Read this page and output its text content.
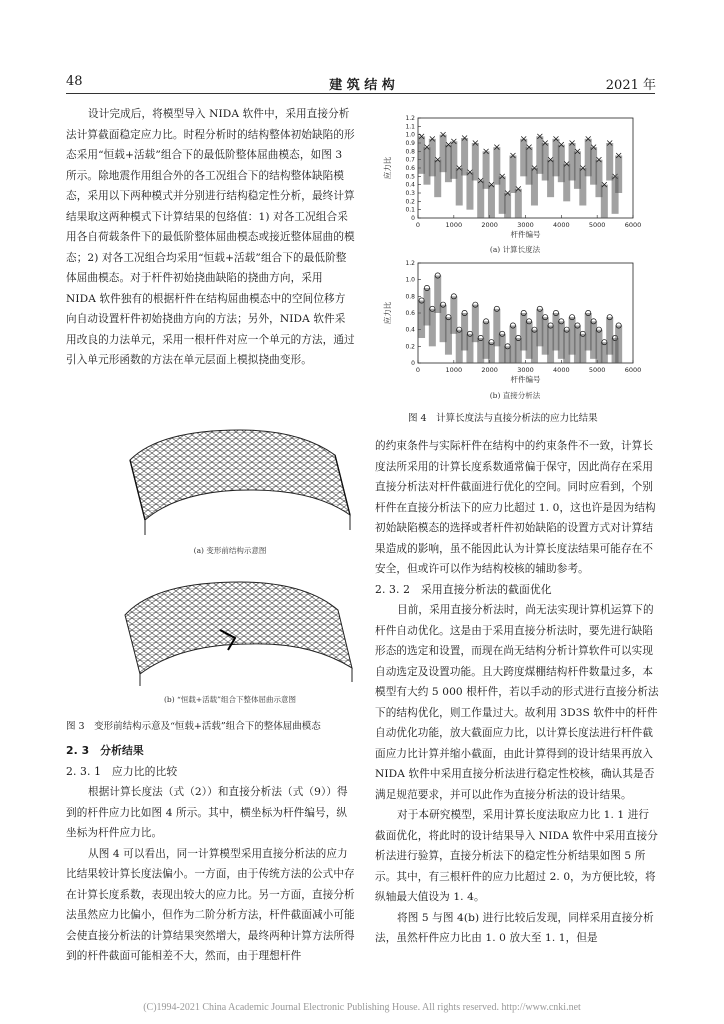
48	建 筑 结 构	2021 年

设计完成后，将模型导入 NIDA 软件中，采用直接分析法计算截面稳定应力比。时程分析时的结构整体初始缺陷的形态采用“恒载+活载”组合下的最低阶整体屈曲模态，如图 3 所示。除地震作用组合外的各工况组合下的结构整体缺陷模态，采用以下两种模式并分别进行结构稳定性分析，最终计算结果取这两种模式下计算结果的包络值：1) 对各工况组合采用各自荷载条件下的最低阶整体屈曲模态或接近整体屈曲的模态；2) 对各工况组合均采用“恒载+活载”组合下的最低阶整体屈曲模态。对于杆件初始挠曲缺陷的挠曲方向，采用 NIDA 软件独有的根据杆件在结构屈曲模态中的空间位移方向自动设置杆件初始挠曲方向的方法；另外，NIDA 软件采用改良的力法单元，采用一根杆件对应一个单元的方法，通过引入单元形函数的方法在单元层面上模拟挠曲变形。

(a) 变形前结构示意图
(b) “恒载+活载”组合下整体屈曲示意图
图 3　变形前结构示意及“恒载+活载”组合下的整体屈曲模态
2. 3　分析结果
2. 3. 1　应力比的比较

根据计算长度法（式（2））和直接分析法（式（9））得到的杆件应力比如图 4 所示。其中，横坐标为杆件编号，纵坐标为杆件应力比。

从图 4 可以看出，同一计算模型采用直接分析法的应力比结果较计算长度法偏小。一方面，由于传统方法的公式中存在计算长度系数，表现出较大的应力比。另一方面，直接分析法虽然应力比偏小，但作为二阶分析方法，杆件截面减小可能会使直接分析法的计算结果突然增大，最终两种计算方法所得到的杆件截面可能相差不大，然而，由于理想杆件

0	1000	2000	3000	4000	5000	6000
0
0.1
0.2
0.3
0.4
0.5
0.6
0.7
0.8
0.9
1.0
1.1
1.2
杆件编号
应力比
(a) 计算长度法
0	1000	2000	3000	4000	5000	6000
0
0.2
0.4
0.6
0.8
1.0
1.2
杆件编号
应力比
(b) 直接分析法
图 4　计算长度法与直接分析法的应力比结果

的约束条件与实际杆件在结构中的约束条件不一致，计算长度法所采用的计算长度系数通常偏于保守，因此尚存在采用直接分析法对杆件截面进行优化的空间。同时应看到，个别杆件在直接分析法下的应力比超过 1. 0，这也许是因为结构初始缺陷模态的选择或者杆件初始缺陷的设置方式对计算结果造成的影响，虽不能因此认为计算长度法结果可能存在不安全，但或许可以作为结构校核的辅助参考。

2. 3. 2　采用直接分析法的截面优化

目前，采用直接分析法时，尚无法实现计算机运算下的杆件自动优化。这是由于采用直接分析法时，要先进行缺陷形态的选定和设置，而现在尚无结构分析计算软件可以实现自动选定及设置功能。且大跨度煤棚结构杆件数量过多，本模型有大约 5 000 根杆件，若以手动的形式进行直接分析法下的结构优化，则工作量过大。故利用 3D3S 软件中的杆件自动优化功能，放大截面应力比，以计算长度法进行杆件截面应力比计算并缩小截面，由此计算得到的设计结果再放入 NIDA 软件中采用直接分析法进行稳定性校核，确认其是否满足规范要求，并可以此作为直接分析法的设计结果。

对于本研究模型，采用计算长度法取应力比 1. 1 进行截面优化，将此时的设计结果导入 NIDA 软件中采用直接分析法进行验算，直接分析法下的稳定性分析结果如图 5 所示。其中，有三根杆件的应力比超过 2. 0，为方便比较，将纵轴最大值设为 1. 4。

将图 5 与图 4(b) 进行比较后发现，同样采用直接分析法，虽然杆件应力比由 1. 0 放大至 1. 1，但是

(C)1994-2021 China Academic Journal Electronic Publishing House. All rights reserved. http://www.cnki.net
